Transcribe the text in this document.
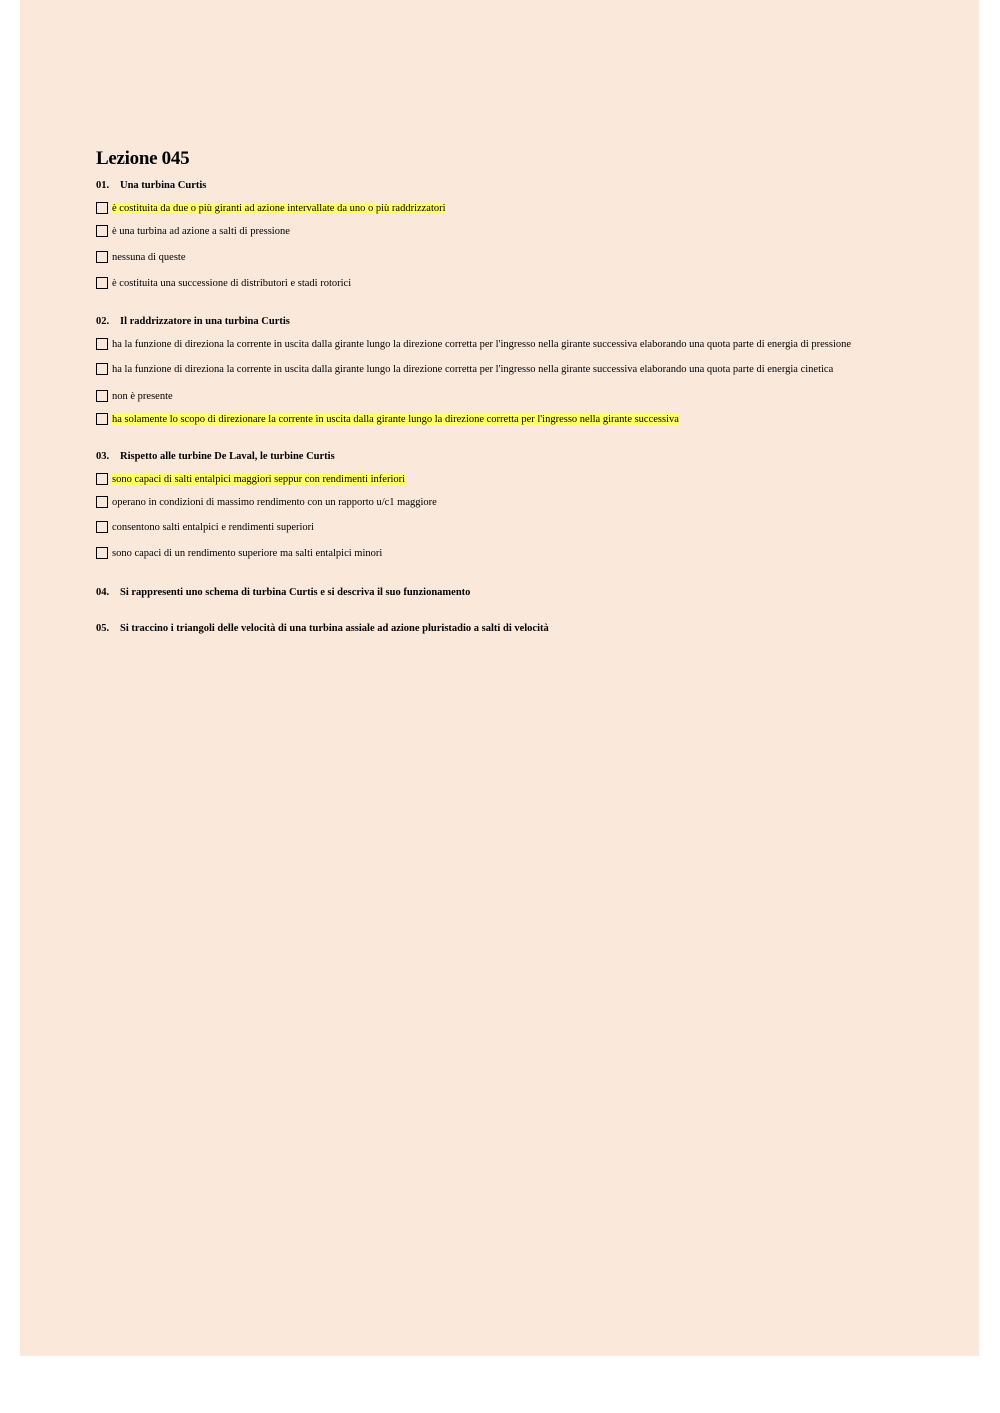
Lezione 045

01. Una turbina Curtis

è costituita da due o più giranti ad azione intervallate da uno o più raddrizzatori

è una turbina ad azione a salti di pressione

nessuna di queste

è costituita una successione di distributori e stadi rotorici

02. Il raddrizzatore in una turbina Curtis

ha la funzione di direziona la corrente in uscita dalla girante lungo la direzione corretta per l'ingresso nella girante successiva elaborando una quota parte di energia di pressione

ha la funzione di direziona la corrente in uscita dalla girante lungo la direzione corretta per l'ingresso nella girante successiva elaborando una quota parte di energia cinetica

non è presente

ha solamente lo scopo di direzionare la corrente in uscita dalla girante lungo la direzione corretta per l'ingresso nella girante successiva

03. Rispetto alle turbine De Laval, le turbine Curtis

sono capaci di salti entalpici maggiori seppur con rendimenti inferiori

operano in condizioni di massimo rendimento con un rapporto u/c1 maggiore

consentono salti entalpici e rendimenti superiori

sono capaci di un rendimento superiore ma salti entalpici minori

04. Si rappresenti uno schema di turbina Curtis e si descriva il suo funzionamento

05. Si traccino i triangoli delle velocità di una turbina assiale ad azione pluristadio a salti di velocità
